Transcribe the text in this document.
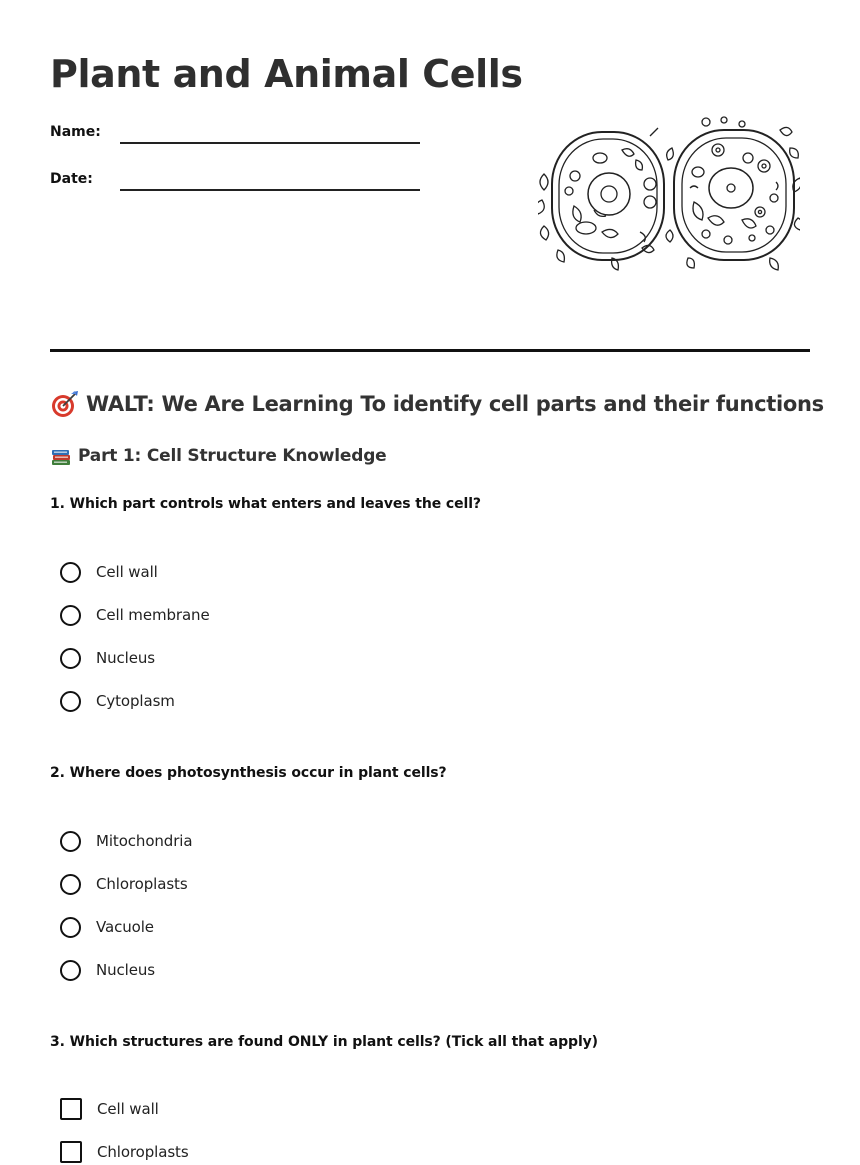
Plant and Animal Cells
Name:
Date:
WALT: We Are Learning To identify cell parts and their functions
Part 1: Cell Structure Knowledge
1. Which part controls what enters and leaves the cell?
Cell wall
Cell membrane
Nucleus
Cytoplasm
2. Where does photosynthesis occur in plant cells?
Mitochondria
Chloroplasts
Vacuole
Nucleus
3. Which structures are found ONLY in plant cells? (Tick all that apply)
Cell wall
Chloroplasts
